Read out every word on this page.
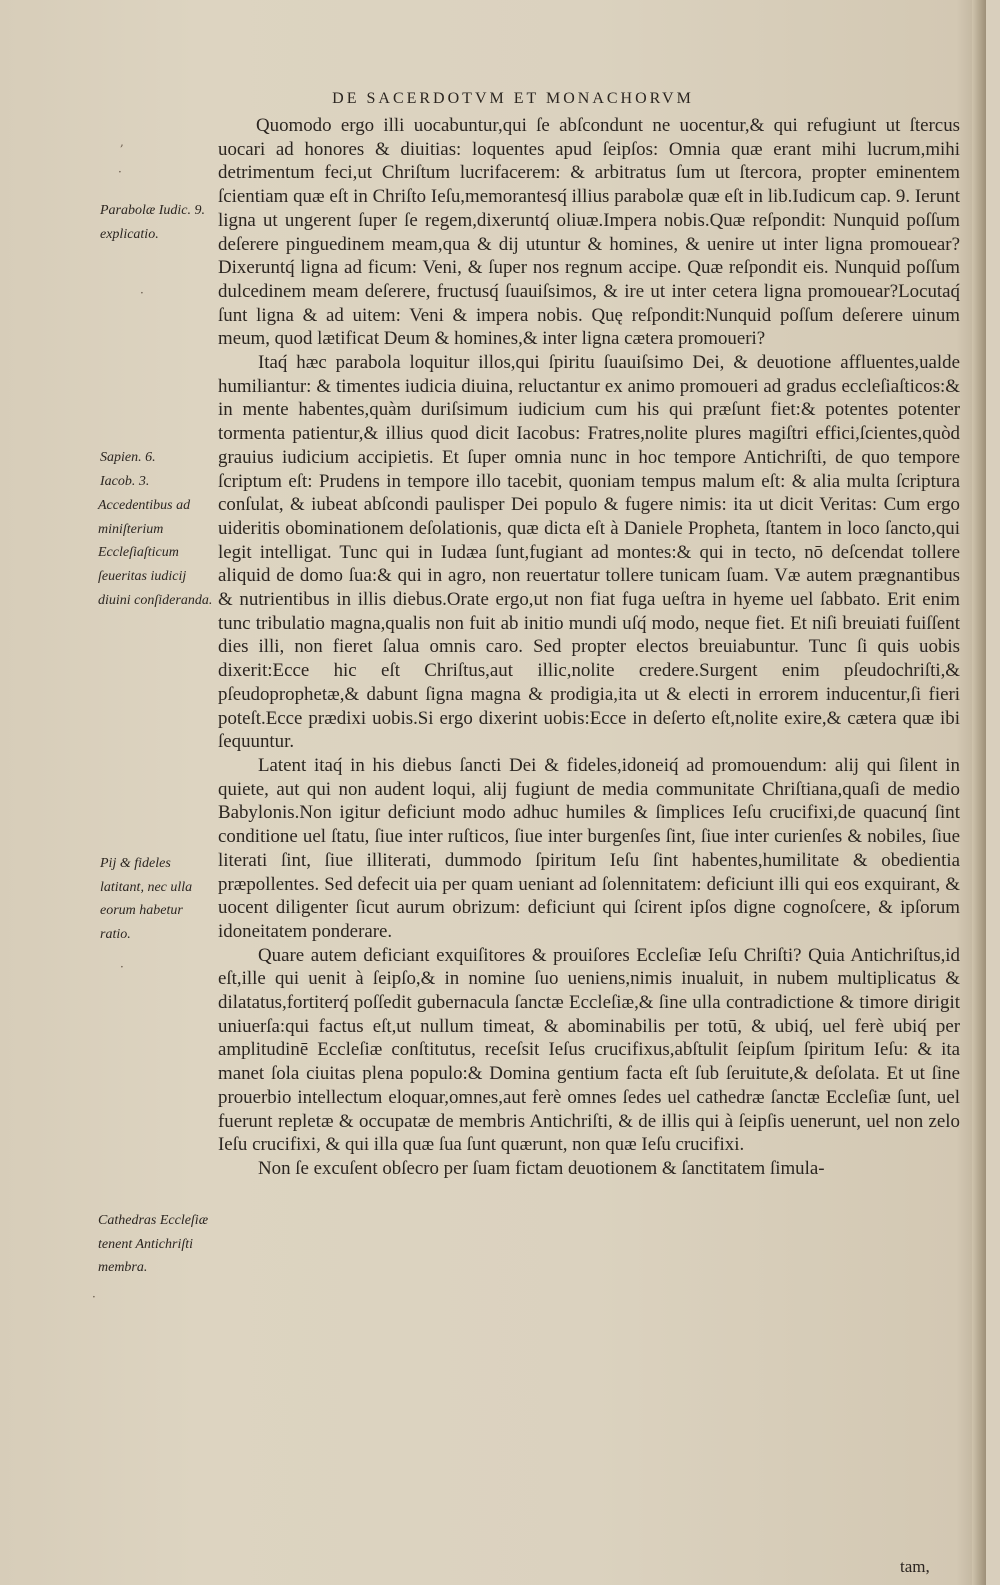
DE SACERDOTVM ET MONACHORVM
Parabolæ Iudic. 9. explicatio.
Sapien. 6.
Iacob. 3.
Accedentibus ad miniſterium Eccleſiaſticum ſeueritas iudicij diuini conſideranda.
Pij & fideles latitant, nec ulla eorum habetur ratio.
Cathedras Eccleſiæ tenent Antichriſti membra.

Quomodo ergo illi uocabuntur,qui ſe abſcondunt ne uocentur,& qui refugiunt ut ſtercus uocari ad honores & diuitias: loquentes apud ſeipſos: Omnia quæ erant mihi lucrum,mihi detrimentum feci,ut Chriſtum lucrifacerem: & arbitratus ſum ut ſtercora, propter eminentem ſcientiam quæ eſt in Chriſto Ieſu,memorantesq́ illius parabolæ quæ eſt in lib.Iudicum cap. 9. Ierunt ligna ut ungerent ſuper ſe regem,dixeruntq́ oliuæ.Impera nobis.Quæ reſpondit: Nunquid poſſum deſerere pinguedinem meam,qua & dij utuntur & homines, & uenire ut inter ligna promouear? Dixeruntq́ ligna ad ficum: Veni, & ſuper nos regnum accipe. Quæ reſpondit eis. Nunquid poſſum dulcedinem meam deſerere, fructusq́ ſuauiſsimos, & ire ut inter cetera ligna promouear?Locutaq́ ſunt ligna & ad uitem: Veni & impera nobis. Quę reſpondit:Nunquid poſſum deſerere uinum meum, quod lætificat Deum & homines,& inter ligna cætera promoueri?

Itaq́ hæc parabola loquitur illos,qui ſpiritu ſuauiſsimo Dei, & deuotione affluentes,ualde humiliantur: & timentes iudicia diuina, reluctantur ex animo promoueri ad gradus eccleſiaſticos:& in mente habentes,quàm duriſsimum iudicium cum his qui præſunt fiet:& potentes potenter tormenta patientur,& illius quod dicit Iacobus: Fratres,nolite plures magiſtri effici,ſcientes,quòd grauius iudicium accipietis. Et ſuper omnia nunc in hoc tempore Antichriſti, de quo tempore ſcriptum eſt: Prudens in tempore illo tacebit, quoniam tempus malum eſt: & alia multa ſcriptura conſulat, & iubeat abſcondi paulisper Dei populo & fugere nimis: ita ut dicit Veritas: Cum ergo uideritis obominationem deſolationis, quæ dicta eſt à Daniele Propheta, ſtantem in loco ſancto,qui legit intelligat. Tunc qui in Iudæa ſunt,fugiant ad montes:& qui in tecto, nō deſcendat tollere aliquid de domo ſua:& qui in agro, non reuertatur tollere tunicam ſuam. Væ autem prægnantibus & nutrientibus in illis diebus.Orate ergo,ut non fiat fuga ueſtra in hyeme uel ſabbato. Erit enim tunc tribulatio magna,qualis non fuit ab initio mundi uſq́ modo, neque fiet. Et niſi breuiati fuiſſent dies illi, non fieret ſalua omnis caro. Sed propter electos breuiabuntur. Tunc ſi quis uobis dixerit:Ecce hic eſt Chriſtus,aut illic,nolite credere.Surgent enim pſeudochriſti,& pſeudoprophetæ,& dabunt ſigna magna & prodigia,ita ut & electi in errorem inducentur,ſi fieri poteſt.Ecce prædixi uobis.Si ergo dixerint uobis:Ecce in deſerto eſt,nolite exire,& cætera quæ ibi ſequuntur.

Latent itaq́ in his diebus ſancti Dei & fideles,idoneiq́ ad promouendum: alij qui ſilent in quiete, aut qui non audent loqui, alij fugiunt de media communitate Chriſtiana,quaſi de medio Babylonis.Non igitur deficiunt modo adhuc humiles & ſimplices Ieſu crucifixi,de quacunq́ ſint conditione uel ſtatu, ſiue inter ruſticos, ſiue inter burgenſes ſint, ſiue inter curienſes & nobiles, ſiue literati ſint, ſiue illiterati, dummodo ſpiritum Ieſu ſint habentes,humilitate & obedientia præpollentes. Sed defecit uia per quam ueniant ad ſolennitatem: deficiunt illi qui eos exquirant, & uocent diligenter ſicut aurum obrizum: deficiunt qui ſcirent ipſos digne cognoſcere, & ipſorum idoneitatem ponderare.

Quare autem deficiant exquiſitores & prouiſores Eccleſiæ Ieſu Chriſti? Quia Antichriſtus,id eſt,ille qui uenit à ſeipſo,& in nomine ſuo ueniens,nimis inualuit, in nubem multiplicatus & dilatatus,fortiterq́ poſſedit gubernacula ſanctæ Eccleſiæ,& ſine ulla contradictione & timore dirigit uniuerſa:qui factus eſt,ut nullum timeat, & abominabilis per totū, & ubiq́, uel ferè ubiq́ per amplitudinē Eccleſiæ conſtitutus, receſsit Ieſus crucifixus,abſtulit ſeipſum ſpiritum Ieſu: & ita manet ſola ciuitas plena populo:& Domina gentium facta eſt ſub ſeruitute,& deſolata. Et ut ſine prouerbio intellectum eloquar,omnes,aut ferè omnes ſedes uel cathedræ ſanctæ Eccleſiæ ſunt, uel fuerunt repletæ & occupatæ de membris Antichriſti, & de illis qui à ſeipſis uenerunt, uel non zelo Ieſu crucifixi, & qui illa quæ ſua ſunt quærunt, non quæ Ieſu crucifixi.

Non ſe excuſent obſecro per ſuam fictam deuotionem & ſanctitatem ſimula-

tam,
,
·
·
·
·
